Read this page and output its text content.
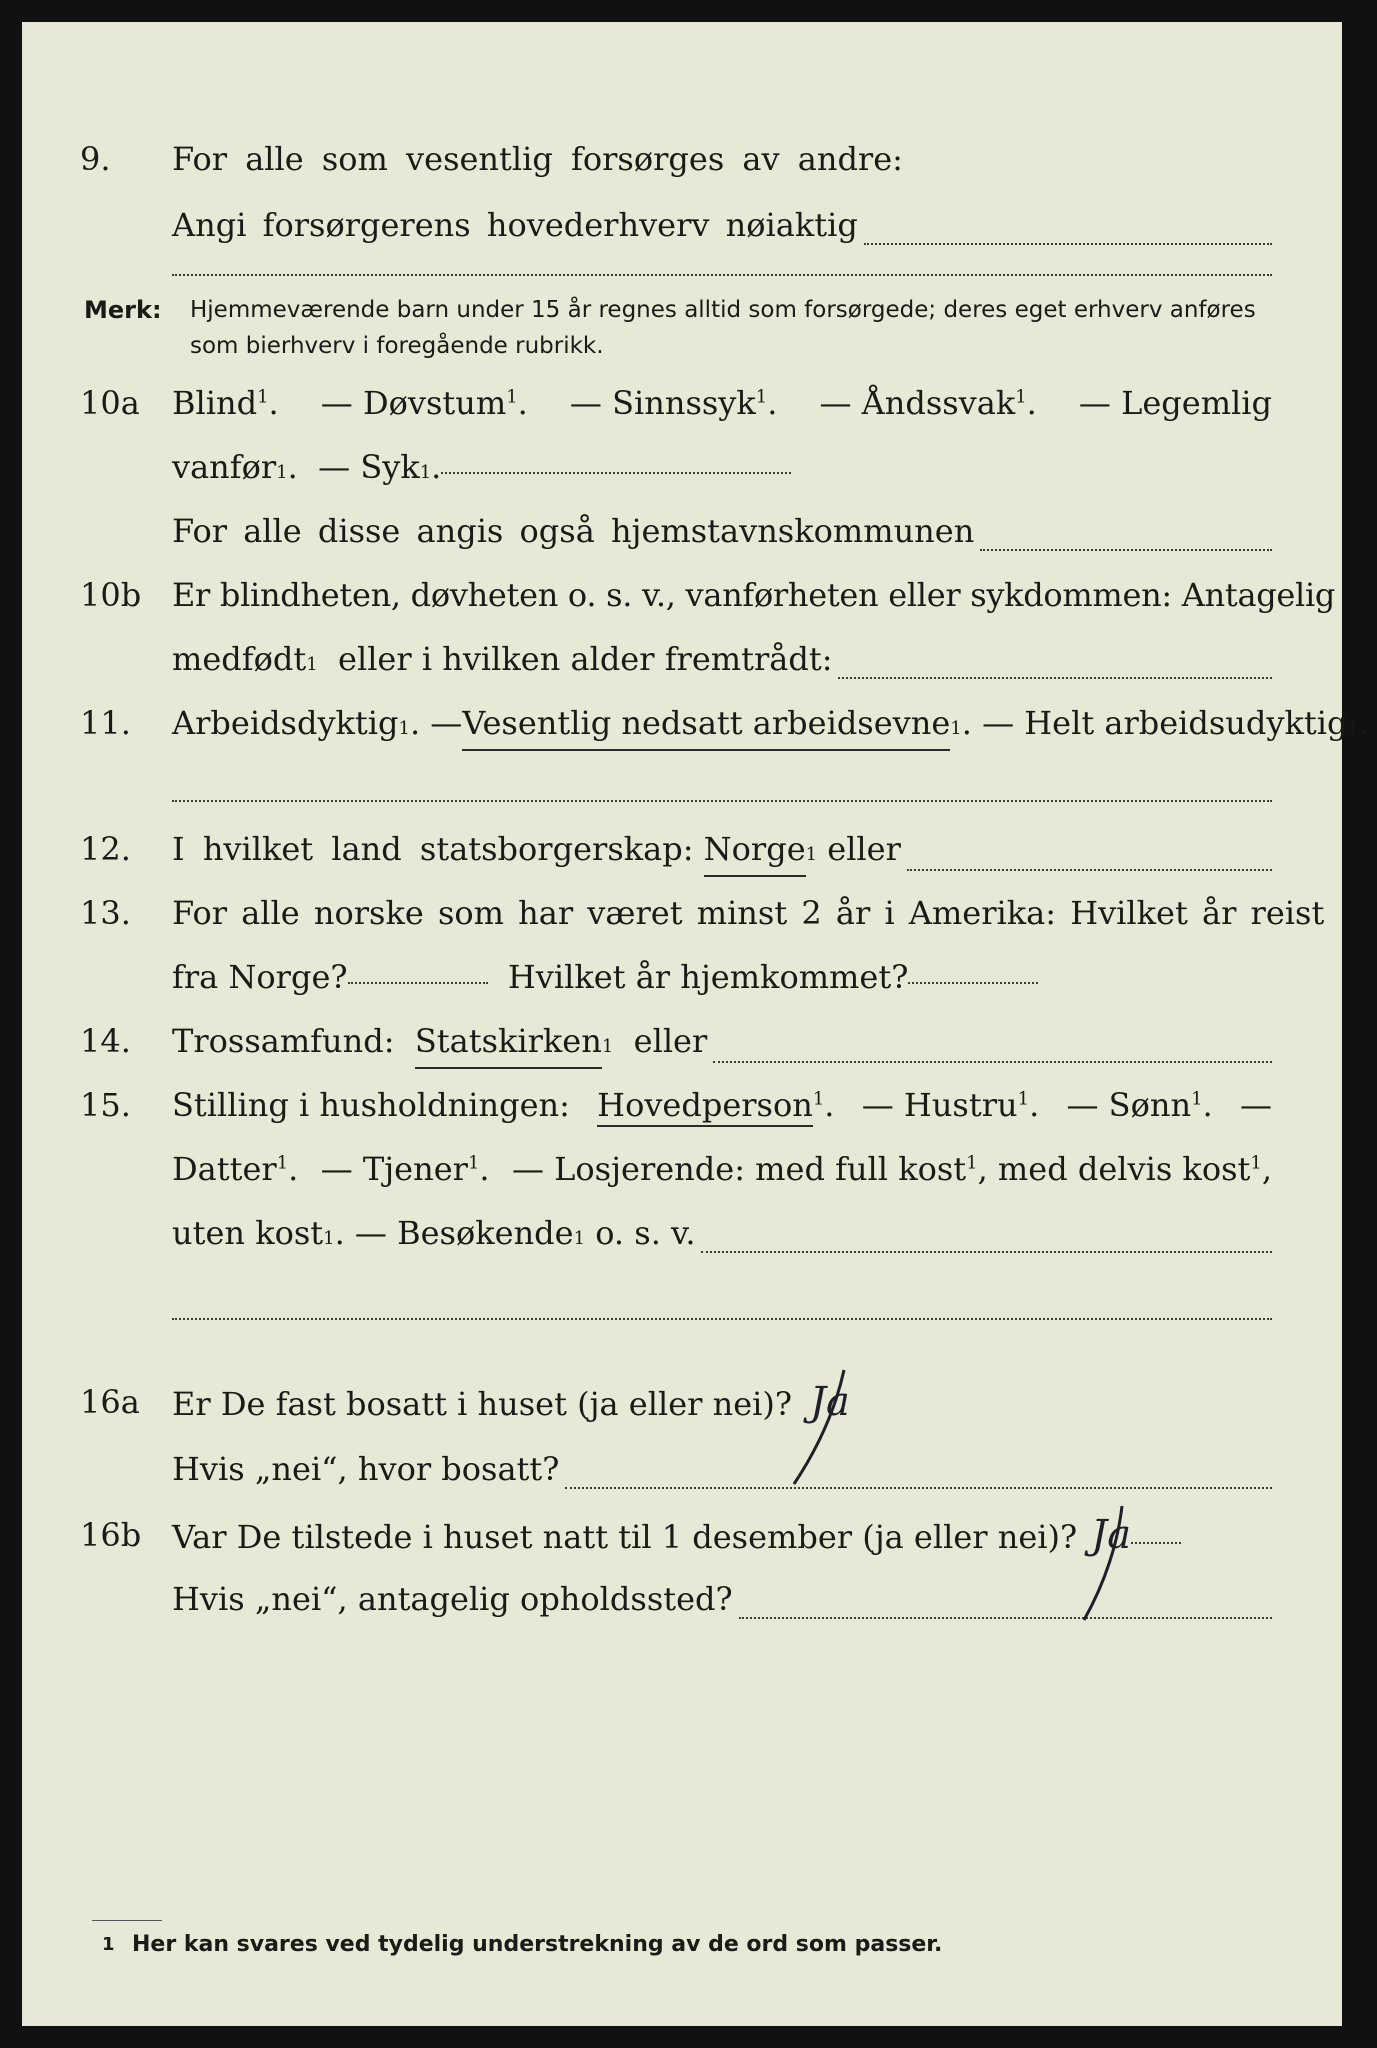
9. For alle som vesentlig forsørges av andre:
Angi forsørgerens hovederhverv nøiaktig
Merk: Hjemmeværende barn under 15 år regnes alltid som forsørgede; deres eget erhverv anføres som bierhverv i foregående rubrikk.
10a Blind$^1$. — Døvstum$^1$. — Sinnssyk$^1$. — Åndssvak$^1$. — Legemlig
vanfør 1 . — Syk 1 .
For alle disse angis også hjemstavnskommunen
10b Er blindheten, døvheten o. s. v., vanførheten eller sykdommen: Antagelig
medfødt 1
eller i hvilken alder fremtrådt:
11. Arbeidsdyktig 1 . — Vesentlig nedsatt arbeidsevne 1 . — Helt arbeidsudyktig 1 .
12. I hvilket land statsborgerskap:
Norge 1
eller
13. For alle norske som har været minst 2 år i Amerika: Hvilket år reist
fra Norge?
	Hvilket år hjemkommet?
14. Trossamfund:
Statskirken 1
eller
15. Stilling i husholdningen: Hovedperson$^1$. — Hustru$^1$. — Sønn$^1$. —
Datter$^1$. — Tjener$^1$. — Losjerende: med full kost$^1$, med delvis kost$^1$,
uten kost 1 . — Besøkende 1
o. s. v.
16a Er De fast bosatt i huset (ja eller nei)? Ja
Hvis „nei“, hvor bosatt?
16b Var De tilstede i huset natt til 1 desember (ja eller nei)? Ja
Hvis „nei“, antagelig opholdssted?
1 Her kan svares ved tydelig understrekning av de ord som passer.
